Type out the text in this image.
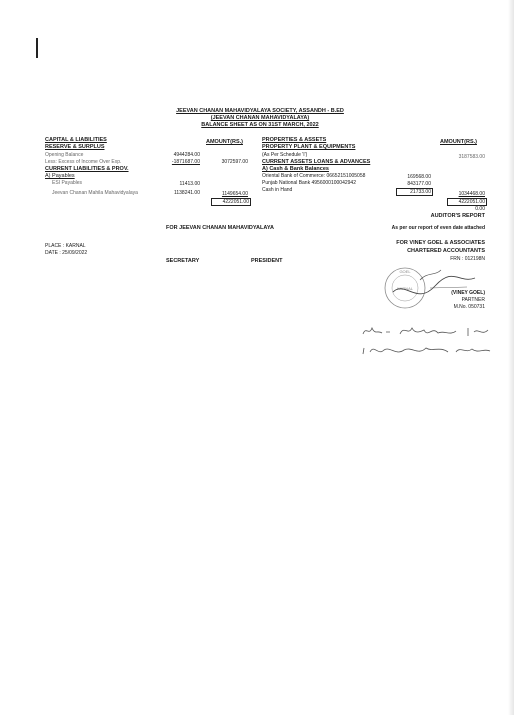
JEEVAN CHANAN MAHAVIDYALAYA SOCIETY, ASSANDH - B.ED
(JEEVAN CHANAN MAHAVIDYALAYA)
BALANCE SHEET AS ON 31ST MARCH, 2022
CAPITAL & LIABILITIES
RESERVE & SURPLUS
AMOUNT(RS.)
Opening Balance	4944284.00
Less: Excess of Income Over Exp.	-1871687.00	3072597.00
CURRENT LIABILITIES & PROV.
A) Payables
ESI Payables	11413.00
Jeevan Chanan Mahila Mahavidyalaya	1138241.00	1149654.00
4222051.00
PROPERTIES & ASSETS
PROPERTY PLANT & EQUIPMENTS
AMOUNT(RS.)
(As Per Schedule 'I')	3187583.00
CURRENT ASSETS LOANS & ADVANCES
A) Cash & Bank Balances
Oriental Bank of Commerce: 06652151005058	169568.00
Punjab National Bank 4956000100042942	843177.00
Cash in Hand	21733.00	1034468.00
4222051.00
0.00
FOR JEEVAN CHANAN MAHAVIDYALAYA
AUDITOR'S REPORT
As per our report of even date attached
PLACE : KARNAL
DATE : 25/09/2022
SECRETARY	PRESIDENT
FOR VINEY GOEL & ASSOCIATES
CHARTERED ACCOUNTANTS
FRN : 012198N
GOEL
KARNAL
(VINEY GOEL)
PARTNER
M.No. 050731
